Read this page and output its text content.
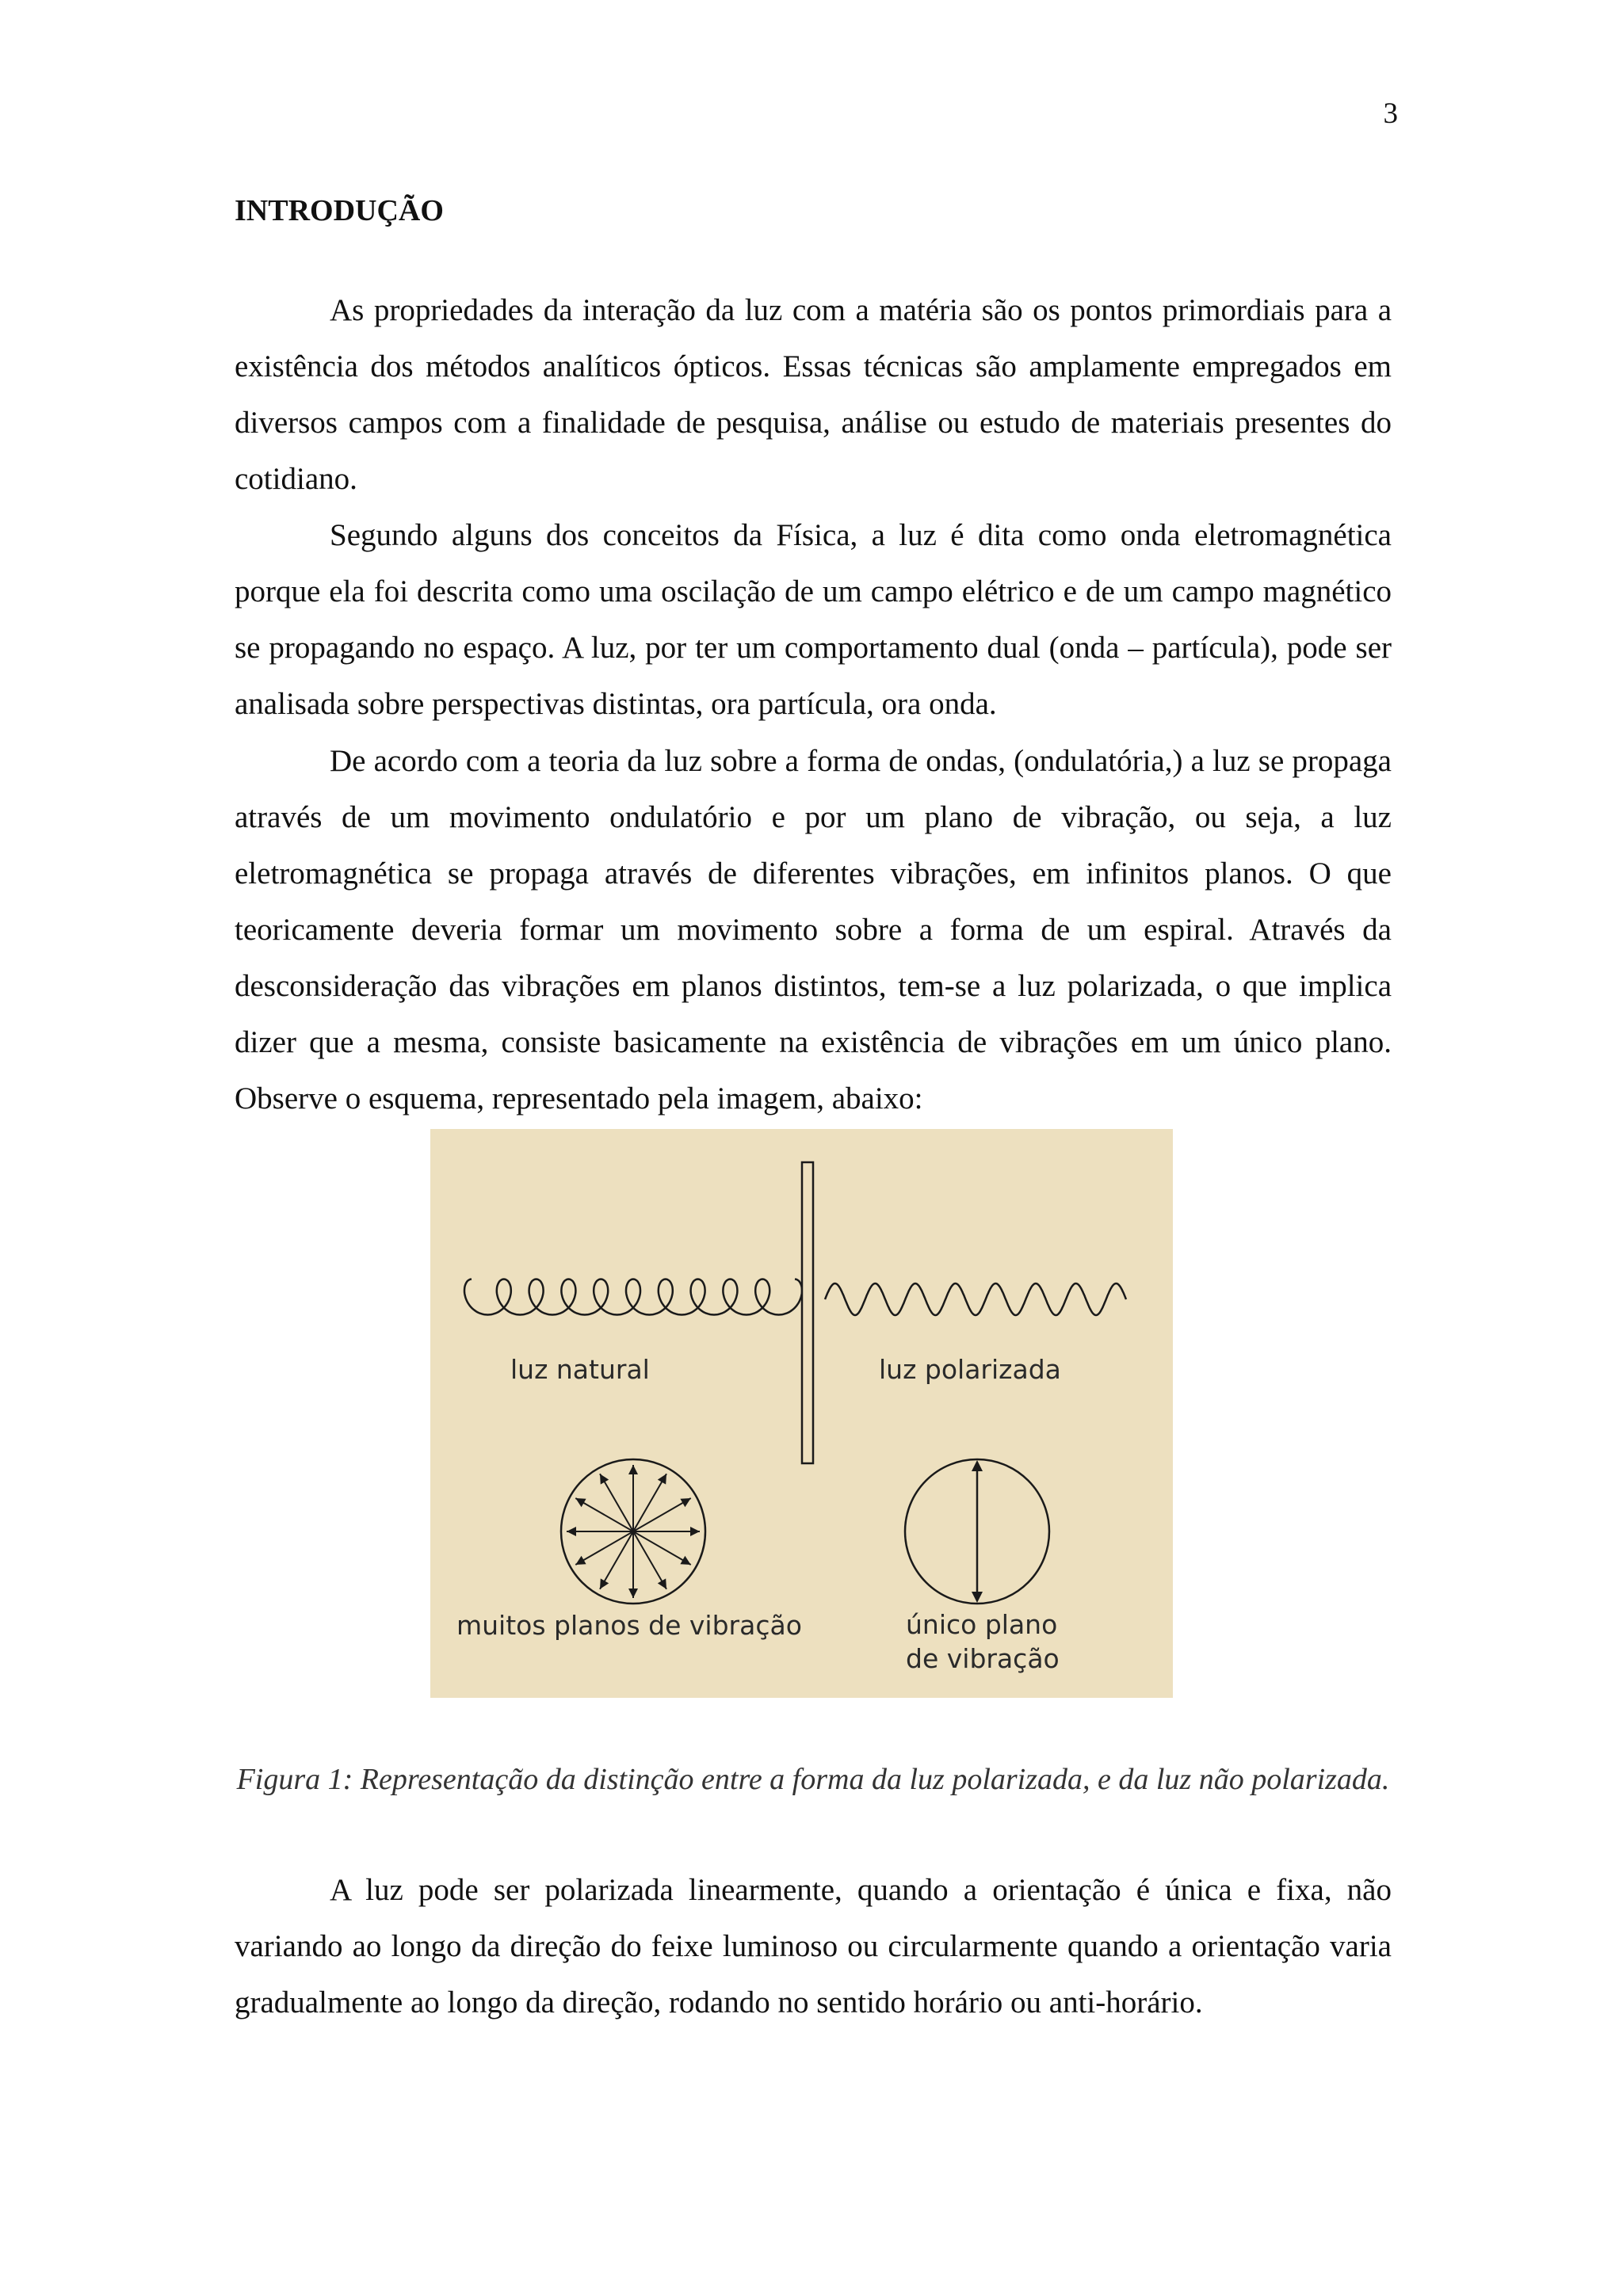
3
INTRODUÇÃO

As propriedades da interação da luz com a matéria são os pontos primordiais para a existência dos métodos analíticos ópticos. Essas técnicas são amplamente empregados em diversos campos com a finalidade de pesquisa, análise ou estudo de materiais presentes do cotidiano.

Segundo alguns dos conceitos da Física, a luz é dita como onda eletromagnética porque ela foi descrita como uma oscilação de um campo elétrico e de um campo magnético se propagando no espaço. A luz, por ter um comportamento dual (onda – partícula), pode ser analisada sobre perspectivas distintas, ora partícula, ora onda.

De acordo com a teoria da luz sobre a forma de ondas, (ondulatória,) a luz se propaga através de um movimento ondulatório e por um plano de vibração, ou seja, a luz eletromagnética se propaga através de diferentes vibrações, em infinitos planos. O que teoricamente deveria formar um movimento sobre a forma de um espiral. Através da desconsideração das vibrações em planos distintos, tem-se a luz polarizada, o que implica dizer que a mesma, consiste basicamente na existência de vibrações em um único plano. Observe o esquema, representado pela imagem, abaixo:

luz natural	luz polarizada
muitos planos de vibração	único plano
de vibração

Figura 1: Representação da distinção entre a forma da luz polarizada, e da luz não polarizada.

A luz pode ser polarizada linearmente, quando a orientação é única e fixa, não variando ao longo da direção do feixe luminoso ou circularmente quando a orientação varia gradualmente ao longo da direção, rodando no sentido horário ou anti-horário.
